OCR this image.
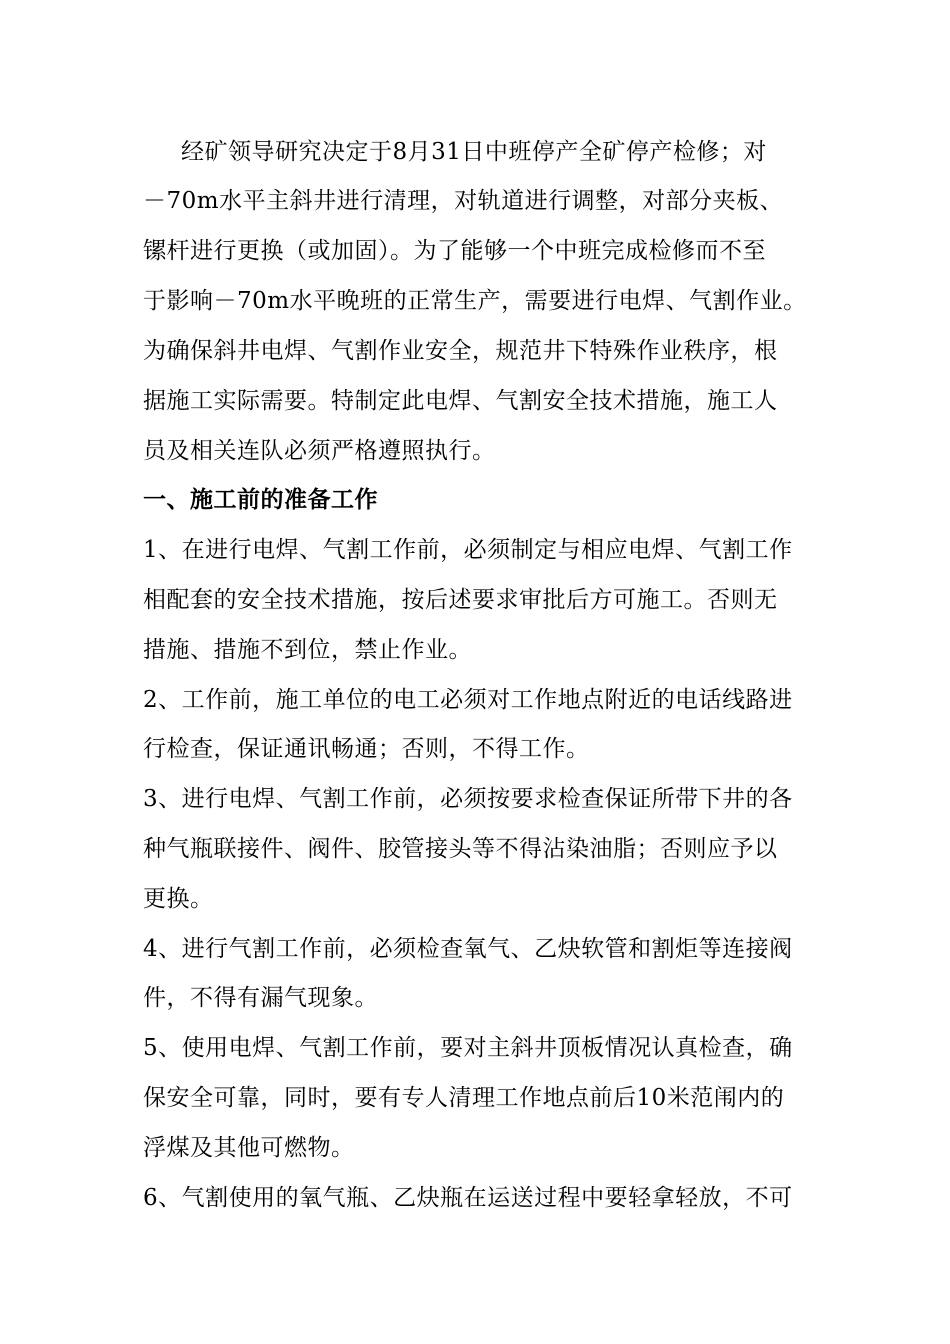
经矿领导研究决定于8月31日中班停产全矿停产检修；对
－70m水平主斜井进行清理，对轨道进行调整，对部分夹板、
镙杆进行更换（或加固）。为了能够一个中班完成检修而不至
于影响－70m水平晚班的正常生产，需要进行电焊、气割作业。
为确保斜井电焊、气割作业安全，规范井下特殊作业秩序，根
据施工实际需要。特制定此电焊、气割安全技术措施，施工人
员及相关连队必须严格遵照执行。
一、施工前的准备工作
1、在进行电焊、气割工作前，必须制定与相应电焊、气割工作
相配套的安全技术措施，按后述要求审批后方可施工。否则无
措施、措施不到位，禁止作业。
2、工作前，施工单位的电工必须对工作地点附近的电话线路进
行检查，保证通讯畅通；否则，不得工作。
3、进行电焊、气割工作前，必须按要求检查保证所带下井的各
种气瓶联接件、阀件、胶管接头等不得沾染油脂；否则应予以
更换。
4、进行气割工作前，必须检查氧气、乙炔软管和割炬等连接阀
件，不得有漏气现象。
5、使用电焊、气割工作前，要对主斜井顶板情况认真检查，确
保安全可靠，同时，要有专人清理工作地点前后10米范闱内的
浮煤及其他可燃物。
6、气割使用的氧气瓶、乙炔瓶在运送过程中要轻拿轻放，不可
